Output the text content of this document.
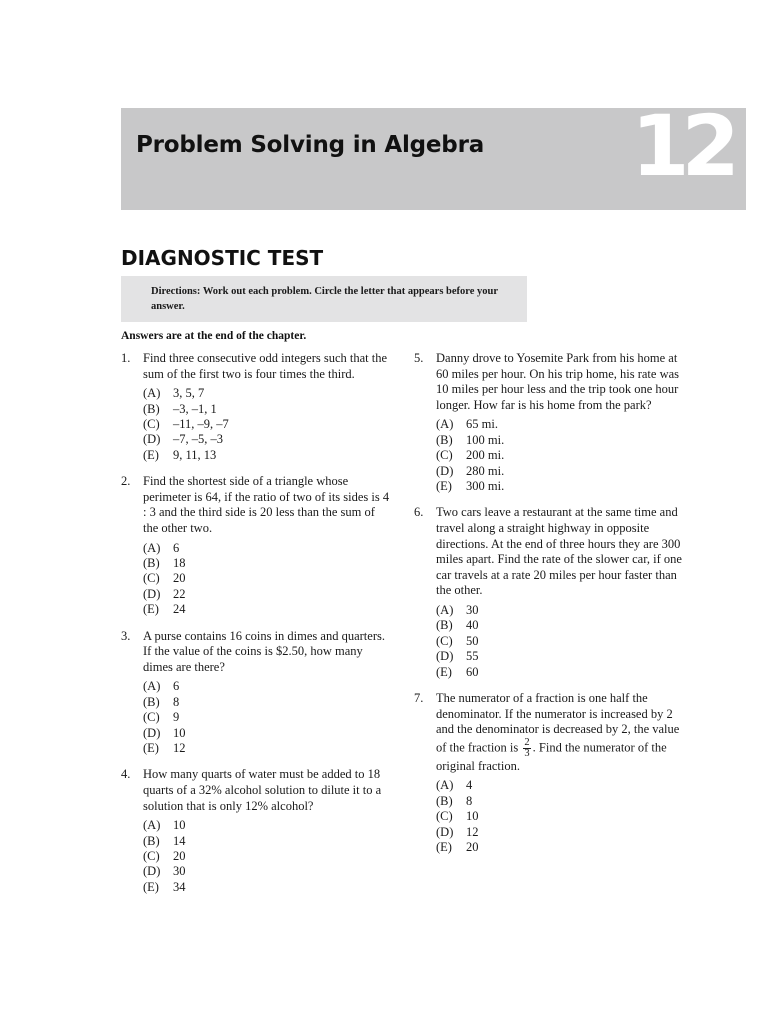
Problem Solving in Algebra 12
DIAGNOSTIC TEST
Directions: Work out each problem. Circle the letter that appears before your answer.
Answers are at the end of the chapter.
1. Find three consecutive odd integers such that the sum of the first two is four times the third.
(A) 3, 5, 7
(B) –3, –1, 1
(C) –11, –9, –7
(D) –7, –5, –3
(E) 9, 11, 13
2. Find the shortest side of a triangle whose perimeter is 64, if the ratio of two of its sides is 4 : 3 and the third side is 20 less than the sum of the other two.
(A) 6
(B) 18
(C) 20
(D) 22
(E) 24
3. A purse contains 16 coins in dimes and quarters. If the value of the coins is $2.50, how many dimes are there?
(A) 6
(B) 8
(C) 9
(D) 10
(E) 12
4. How many quarts of water must be added to 18 quarts of a 32% alcohol solution to dilute it to a solution that is only 12% alcohol?
(A) 10
(B) 14
(C) 20
(D) 30
(E) 34
5. Danny drove to Yosemite Park from his home at 60 miles per hour. On his trip home, his rate was 10 miles per hour less and the trip took one hour longer. How far is his home from the park?
(A) 65 mi.
(B) 100 mi.
(C) 200 mi.
(D) 280 mi.
(E) 300 mi.
6. Two cars leave a restaurant at the same time and travel along a straight highway in opposite directions. At the end of three hours they are 300 miles apart. Find the rate of the slower car, if one car travels at a rate 20 miles per hour faster than the other.
(A) 30
(B) 40
(C) 50
(D) 55
(E) 60
7. The numerator of a fraction is one half the denominator. If the numerator is increased by 2 and the denominator is decreased by 2, the value of the fraction is $\frac{2}{3}$ . Find the numerator of the original fraction.
(A) 4
(B) 8
(C) 10
(D) 12
(E) 20
